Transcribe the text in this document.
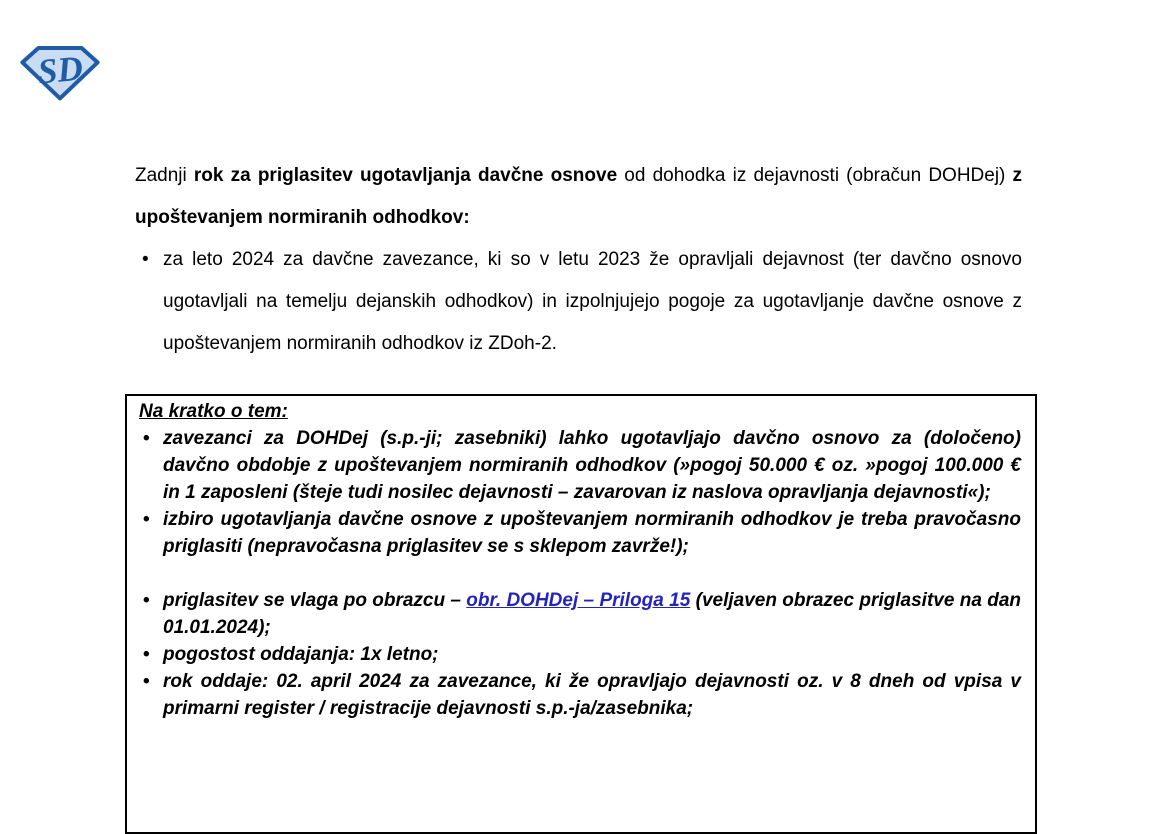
SD

Zadnji rok za priglasitev ugotavljanja davčne osnove od dohodka iz dejavnosti (obračun DOHDej) z upoštevanjem normiranih odhodkov:

• za leto 2024 za davčne zavezance, ki so v letu 2023 že opravljali dejavnost (ter davčno osnovo ugotavljali na temelju dejanskih odhodkov) in izpolnjujejo pogoje za ugotavljanje davčne osnove z upoštevanjem normiranih odhodkov iz ZDoh-2.

Na kratko o tem:

• zavezanci za DOHDej (s.p.-ji; zasebniki) lahko ugotavljajo davčno osnovo za (določeno) davčno obdobje z upoštevanjem normiranih odhodkov (»pogoj 50.000 € oz. »pogoj 100.000 € in 1 zaposleni (šteje tudi nosilec dejavnosti – zavarovan iz naslova opravljanja dejavnosti«);
• izbiro ugotavljanja davčne osnove z upoštevanjem normiranih odhodkov je treba pravočasno priglasiti (nepravočasna priglasitev se s sklepom zavrže!);
• priglasitev se vlaga po obrazcu – obr. DOHDej – Priloga 15 (veljaven obrazec priglasitve na dan 01.01.2024);
• pogostost oddajanja: 1x letno;
• rok oddaje: 02. april 2024 za zavezance, ki že opravljajo dejavnosti oz. v 8 dneh od vpisa v primarni register / registracije dejavnosti s.p.-ja/zasebnika;
